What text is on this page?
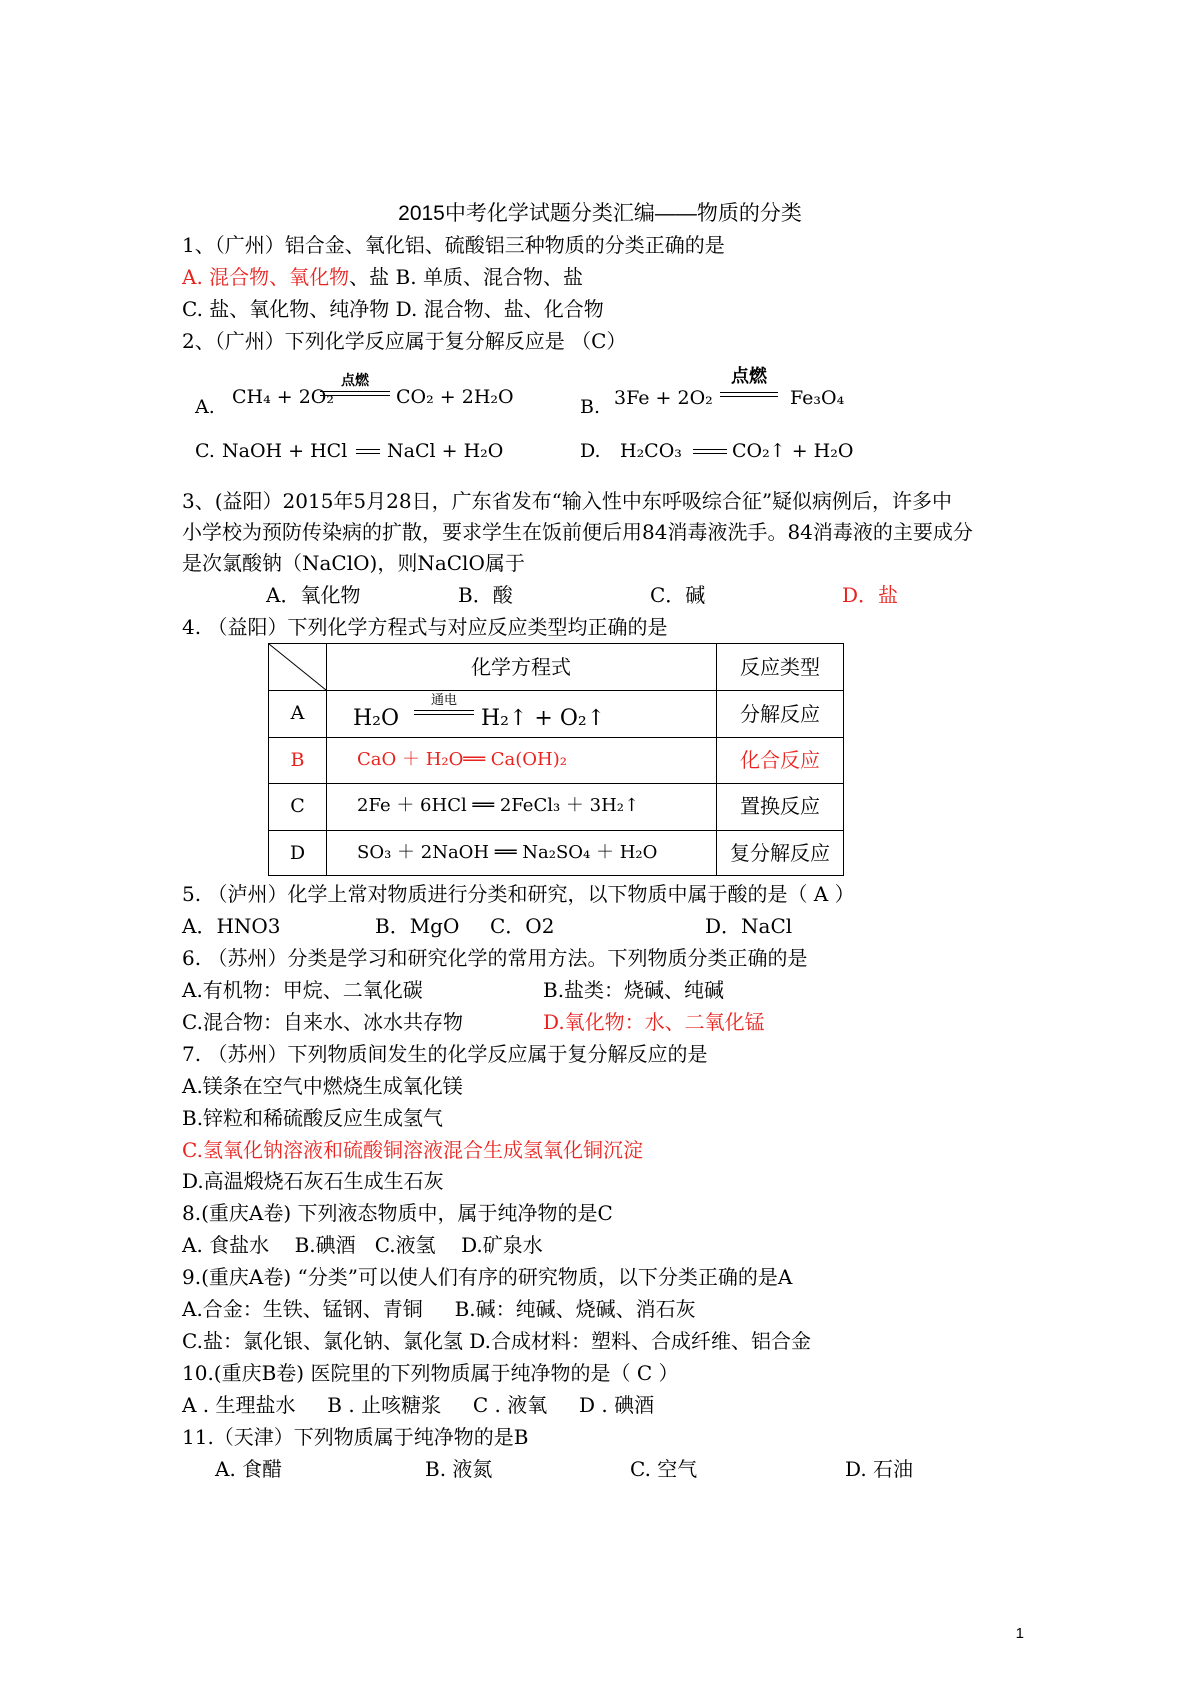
2015中考化学试题分类汇编——物质的分类
1、（广州）铝合金、氧化铝、硫酸铝三种物质的分类正确的是
A. 混合物、氧化物、盐 B. 单质、混合物、盐
C. 盐、氧化物、纯净物 D. 混合物、盐、化合物
2、（广州）下列化学反应属于复分解反应是 （C）
A. CH₄ + 2O₂
点燃
CO₂ + 2H₂O	B. 3Fe + 2O₂
点燃
Fe₃O₄
C. NaOH + HCl NaCl + H₂O	D. H₂CO₃	CO₂↑ + H₂O
3、(益阳）2015年5月28日，广东省发布“输入性中东呼吸综合征”疑似病例后，许多中
小学校为预防传染病的扩散，要求学生在饭前便后用84消毒液洗手。84消毒液的主要成分
是次氯酸钠（NaClO)，则NaClO属于
A．氧化物	B．酸	C．碱	D．盐
4. （益阳）下列化学方程式与对应反应类型均正确的是
化学方程式	反应类型
A	H₂O
通电
H₂↑ + O₂↑	分解反应
B	CaO ＋ H₂O══ Ca(OH)₂	化合反应
C	2Fe ＋ 6HCl ══ 2FeCl₃ ＋ 3H₂↑	置换反应
D	SO₃ ＋ 2NaOH ══ Na₂SO₄ ＋ H₂O	复分解反应
5. （泸州）化学上常对物质进行分类和研究，以下物质中属于酸的是（ A ）
A．HNO3	B．MgO C．O2	D．NaCl
6. （苏州）分类是学习和研究化学的常用方法。下列物质分类正确的是
A.有机物：甲烷、二氧化碳	B.盐类：烧碱、纯碱
C.混合物：自来水、冰水共存物	D.氧化物：水、二氧化锰
7. （苏州）下列物质间发生的化学反应属于复分解反应的是
A.镁条在空气中燃烧生成氧化镁
B.锌粒和稀硫酸反应生成氢气
C.氢氧化钠溶液和硫酸铜溶液混合生成氢氧化铜沉淀
D.高温煅烧石灰石生成生石灰
8.(重庆A卷) 下列液态物质中，属于纯净物的是C
A. 食盐水    B.碘酒   C.液氢    D.矿泉水
9.(重庆A卷) “分类”可以使人们有序的研究物质，以下分类正确的是A
A.合金：生铁、锰钢、青铜     B.碱：纯碱、烧碱、消石灰
C.盐：氯化银、氯化钠、氯化氢 D.合成材料：塑料、合成纤维、铝合金
10.(重庆B卷) 医院里的下列物质属于纯净物的是（ C ）
A . 生理盐水     B . 止咳糖浆     C . 液氧     D . 碘酒
11.（天津）下列物质属于纯净物的是B
A. 食醋	B. 液氮	C. 空气	D. 石油
1
